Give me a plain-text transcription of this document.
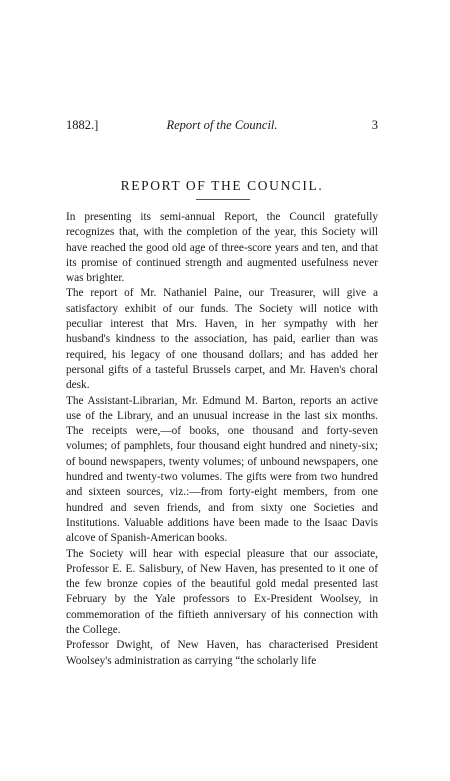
1882.]	Report of the Council.	3
REPORT OF THE COUNCIL.

In presenting its semi-annual Report, the Council gratefully recognizes that, with the completion of the year, this Society will have reached the good old age of three-score years and ten, and that its promise of continued strength and augmented usefulness never was brighter.

The report of Mr. Nathaniel Paine, our Treasurer, will give a satisfactory exhibit of our funds. The Society will notice with peculiar interest that Mrs. Haven, in her sympathy with her husband's kindness to the association, has paid, earlier than was required, his legacy of one thousand dollars; and has added her personal gifts of a tasteful Brussels carpet, and Mr. Haven's choral desk.

The Assistant-Librarian, Mr. Edmund M. Barton, reports an active use of the Library, and an unusual increase in the last six months. The receipts were,—of books, one thousand and forty-seven volumes; of pamphlets, four thousand eight hundred and ninety-six; of bound newspapers, twenty volumes; of unbound newspapers, one hundred and twenty-two volumes. The gifts were from two hundred and sixteen sources, viz.:—from forty-eight members, from one hundred and seven friends, and from sixty one Societies and Institutions. Valuable additions have been made to the Isaac Davis alcove of Spanish-American books.

The Society will hear with especial pleasure that our associate, Professor E. E. Salisbury, of New Haven, has presented to it one of the few bronze copies of the beautiful gold medal presented last February by the Yale professors to Ex-President Woolsey, in commemoration of the fiftieth anniversary of his connection with the College.

Professor Dwight, of New Haven, has characterised President Woolsey's administration as carrying “the scholarly life
